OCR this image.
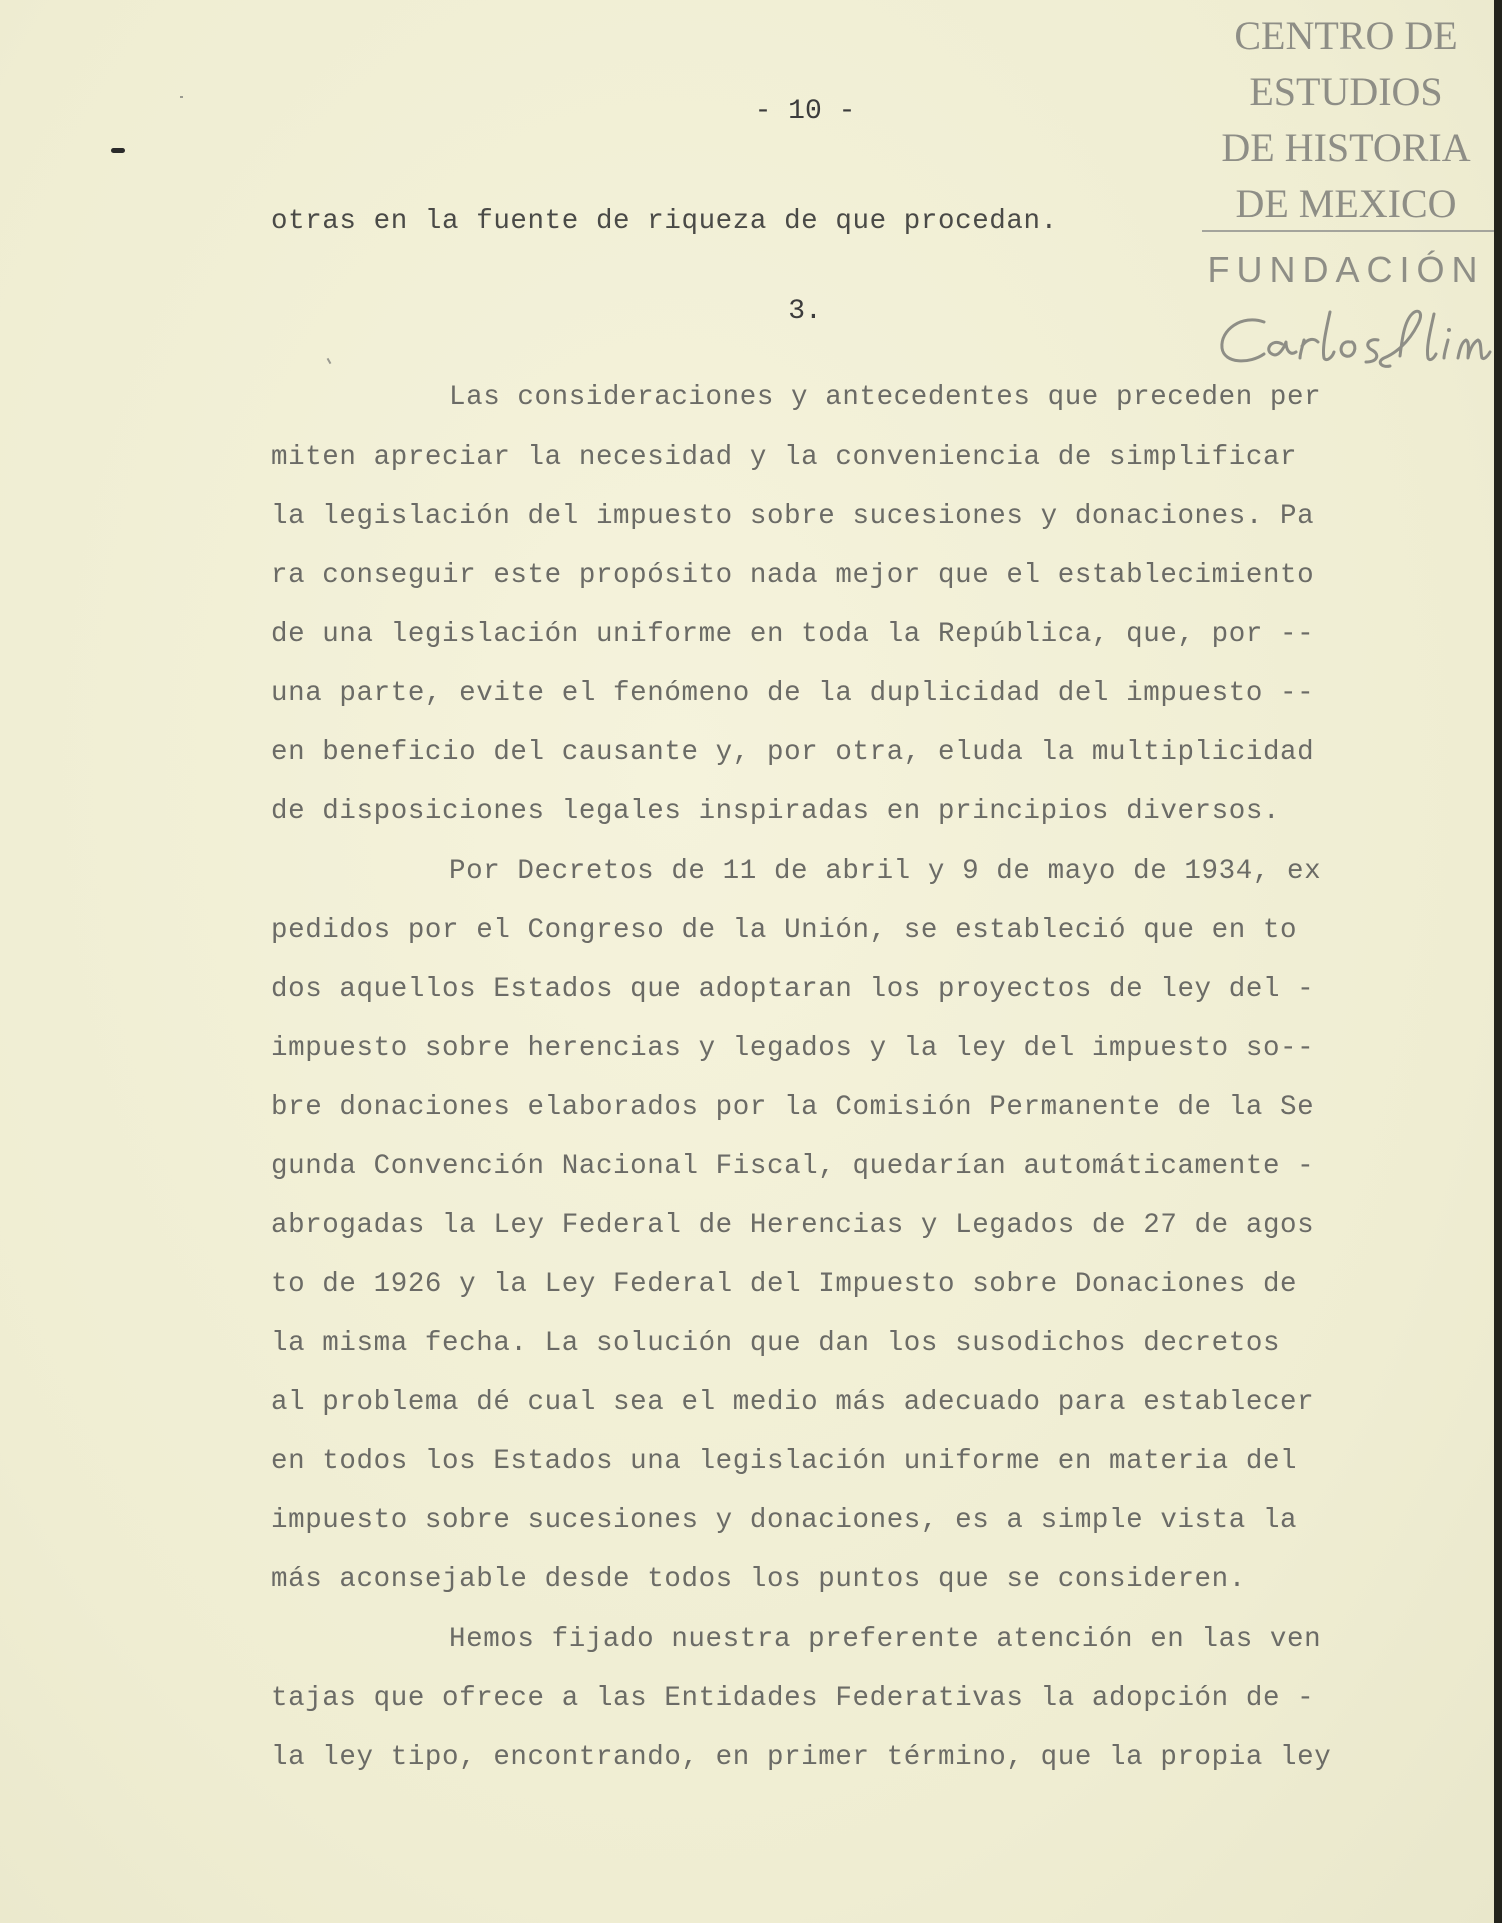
CENTRO DE
ESTUDIOS
DE HISTORIA
DE MEXICO
FUNDACIÓN
- 10 -
otras en la fuente de riqueza de que procedan.
3.
Las consideraciones y antecedentes que preceden per
miten apreciar la necesidad y la conveniencia de simplificar
la legislación del impuesto sobre sucesiones y donaciones. Pa
ra conseguir este propósito nada mejor que el establecimiento
de una legislación uniforme en toda la República, que, por --
una parte, evite el fenómeno de la duplicidad del impuesto --
en beneficio del causante y, por otra, eluda la multiplicidad
de disposiciones legales inspiradas en principios diversos.
Por Decretos de 11 de abril y 9 de mayo de 1934, ex
pedidos por el Congreso de la Unión, se estableció que en to
dos aquellos Estados que adoptaran los proyectos de ley del -
impuesto sobre herencias y legados y la ley del impuesto so--
bre donaciones elaborados por la Comisión Permanente de la Se
gunda Convención Nacional Fiscal, quedarían automáticamente -
abrogadas la Ley Federal de Herencias y Legados de 27 de agos
to de 1926 y la Ley Federal del Impuesto sobre Donaciones de
la misma fecha. La solución que dan los susodichos decretos
al problema dé cual sea el medio más adecuado para establecer
en todos los Estados una legislación uniforme en materia del
impuesto sobre sucesiones y donaciones, es a simple vista la
más aconsejable desde todos los puntos que se consideren.
Hemos fijado nuestra preferente atención en las ven
tajas que ofrece a las Entidades Federativas la adopción de -
la ley tipo, encontrando, en primer término, que la propia ley
